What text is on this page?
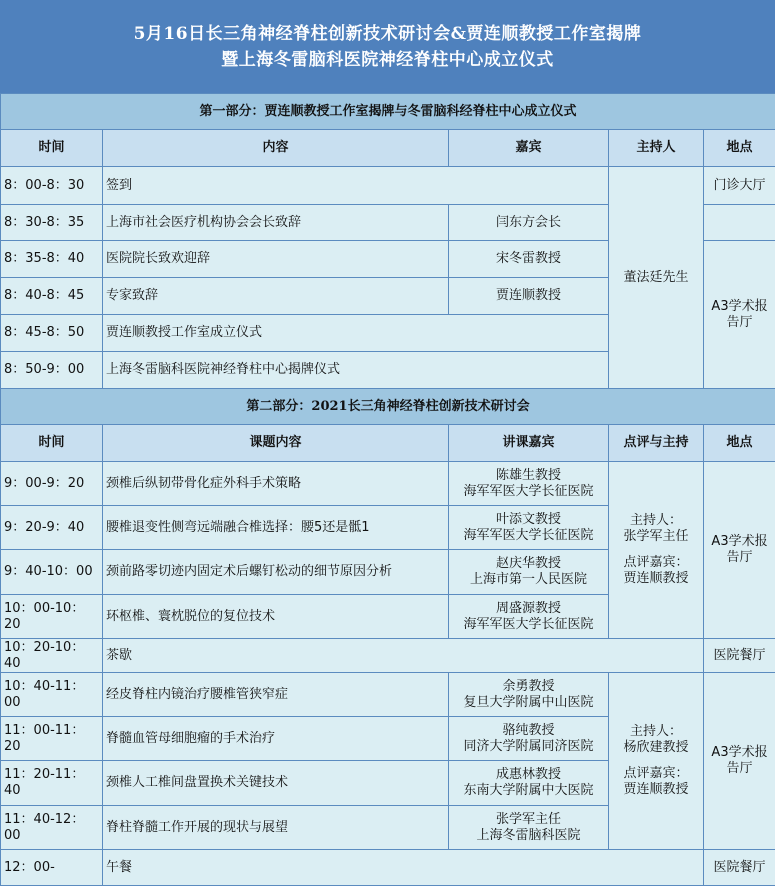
5月16日长三角神经脊柱创新技术研讨会&贾连顺教授工作室揭牌
暨上海冬雷脑科医院神经脊柱中心成立仪式
第一部分：贾连顺教授工作室揭牌与冬雷脑科经脊柱中心成立仪式				
时间	内容	嘉宾	主持人	地点
8：00-8：30	签到		董法廷先生	门诊大厅
8：30-8：35	上海市社会医疗机构协会会长致辞	闫东方会长		
8：35-8：40	医院院长致欢迎辞	宋冬雷教授		A3学术报告厅
8：40-8：45	专家致辞	贾连顺教授		
8：45-8：50	贾连顺教授工作室成立仪式			
8：50-9：00	上海冬雷脑科医院神经脊柱中心揭牌仪式			
第二部分：2021长三角神经脊柱创新技术研讨会				
时间	课题内容	讲课嘉宾	点评与主持	地点
9：00-9：20	颈椎后纵韧带骨化症外科手术策略	陈雄生教授
海军军医大学长征医院	主持人：
张学军主任
点评嘉宾：
贾连顺教授	A3学术报告厅
9：20-9：40	腰椎退变性侧弯远端融合椎选择：腰5还是骶1	叶添文教授
海军军医大学长征医院		

9：40-10：00	颈前路零切迹内固定术后螺钉松动的细节原因分析	赵庆华教授
上海市第一人民医院		

10：00-10：20	环枢椎、寰枕脱位的复位技术	周盛源教授
海军军医大学长征医院		

10：20-10：40	茶歇			医院餐厅
10：40-11：00	经皮脊柱内镜治疗腰椎管狭窄症	余勇教授
复旦大学附属中山医院	主持人：
杨欣建教授
点评嘉宾：
贾连顺教授	A3学术报告厅
11：00-11：20	脊髓血管母细胞瘤的手术治疗	骆纯教授
同济大学附属同济医院		

11：20-11：40	颈椎人工椎间盘置换术关键技术	成惠林教授
东南大学附属中大医院		

11：40-12：00	脊柱脊髓工作开展的现状与展望	张学军主任
上海冬雷脑科医院		

12：00-	午餐			医院餐厅
